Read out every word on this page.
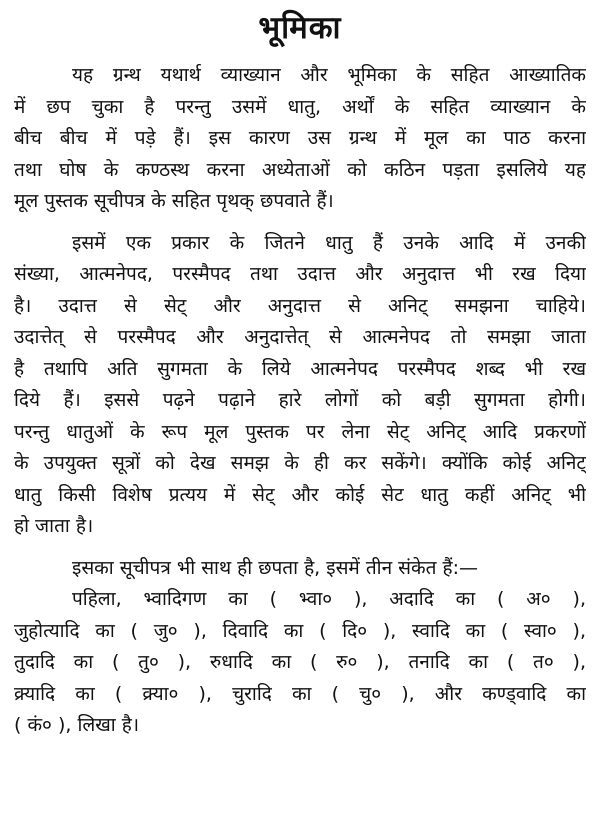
भूमिका
यह ग्रन्थ यथार्थ व्याख्यान और भूमिका के सहित आख्यातिक
में छप चुका है परन्तु उसमें धातु, अर्थों के सहित व्याख्यान के
बीच बीच में पड़े हैं। इस कारण उस ग्रन्थ में मूल का पाठ करना
तथा घोष के कण्ठस्थ करना अध्येताओं को कठिन पड़ता इसलिये यह
मूल पुस्तक सूचीपत्र के सहित पृथक् छपवाते हैं।
इसमें एक प्रकार के जितने धातु हैं उनके आदि में उनकी
संख्या, आत्मनेपद, परस्मैपद तथा उदात्त और अनुदात्त भी रख दिया
है। उदात्त से सेट् और अनुदात्त से अनिट् समझना चाहिये।
उदात्तेत् से परस्मैपद और अनुदात्तेत् से आत्मनेपद तो समझा जाता
है तथापि अति सुगमता के लिये आत्मनेपद परस्मैपद शब्द भी रख
दिये हैं। इससे पढ़ने पढ़ाने हारे लोगों को बड़ी सुगमता होगी।
परन्तु धातुओं के रूप मूल पुस्तक पर लेना सेट् अनिट् आदि प्रकरणों
के उपयुक्त सूत्रों को देख समझ के ही कर सकेंगे। क्योंकि कोई अनिट्
धातु किसी विशेष प्रत्यय में सेट् और कोई सेट धातु कहीं अनिट् भी
हो जाता है।
इसका सूचीपत्र भी साथ ही छपता है, इसमें तीन संकेत हैं:—
पहिला, भ्वादिगण का ( भ्वा० ), अदादि का ( अ० ),
जुहोत्यादि का ( जु० ), दिवादि का ( दि० ), स्वादि का ( स्वा० ),
तुदादि का ( तु० ), रुधादि का ( रु० ), तनादि का ( त० ),
क्र्यादि का ( क्र्या० ), चुरादि का ( चु० ), और कण्ड्वादि का
( कं० ), लिखा है।
